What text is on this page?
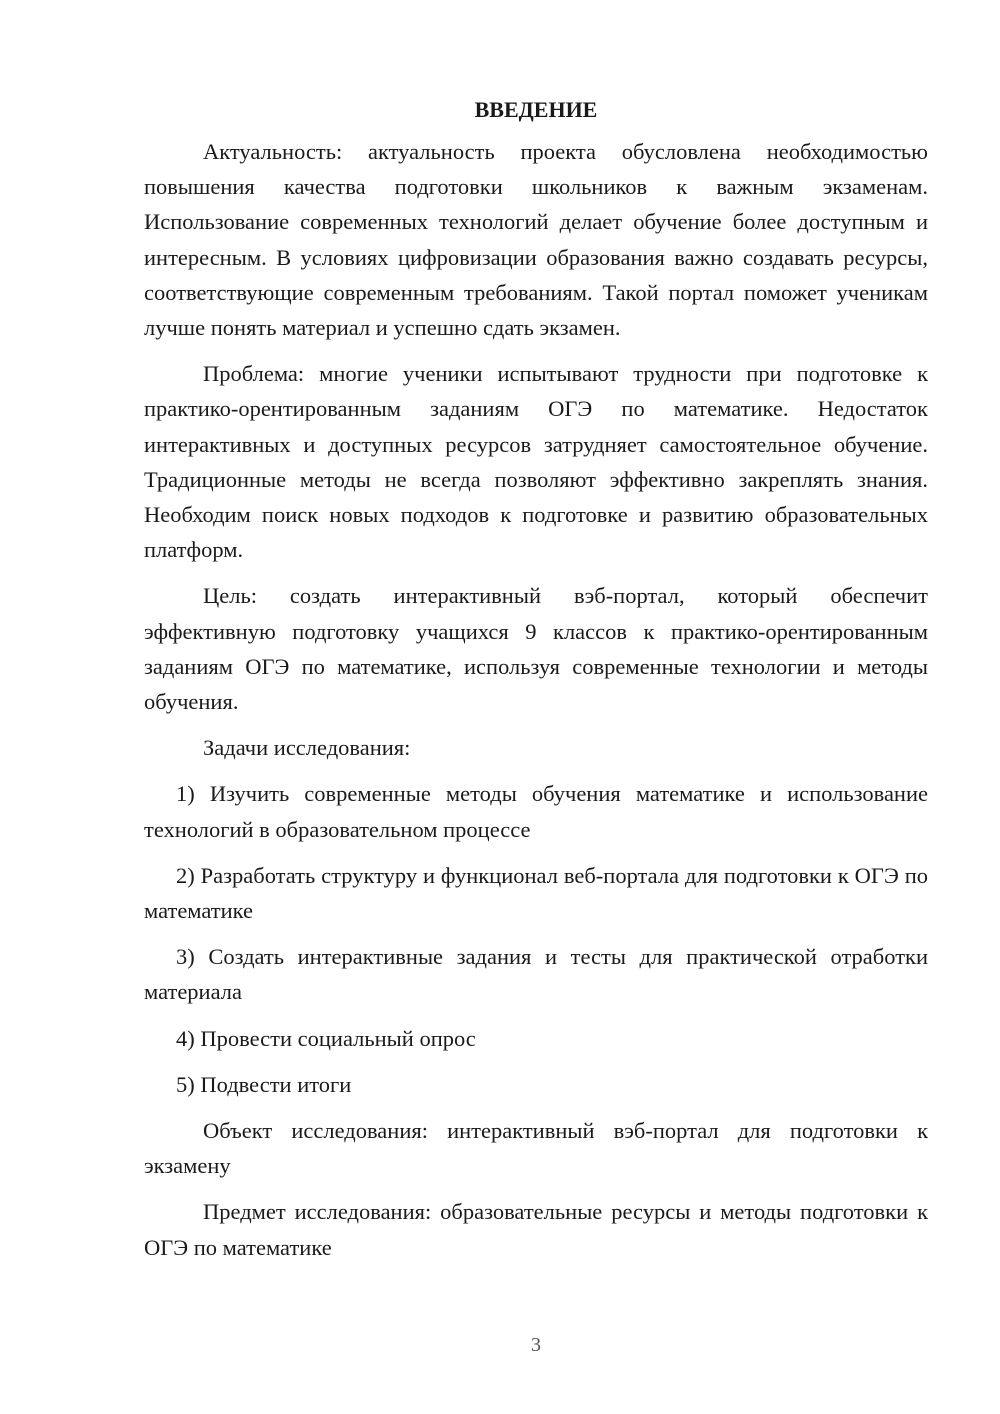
ВВЕДЕНИЕ

Актуальность: актуальность проекта обусловлена необходимостью повышения качества подготовки школьников к важным экзаменам. Использование современных технологий делает обучение более доступным и интересным. В условиях цифровизации образования важно создавать ресурсы, соответствующие современным требованиям. Такой портал поможет ученикам лучше понять материал и успешно сдать экзамен.

Проблема: многие ученики испытывают трудности при подготовке к практико-орентированным заданиям ОГЭ по математике. Недостаток интерактивных и доступных ресурсов затрудняет самостоятельное обучение. Традиционные методы не всегда позволяют эффективно закреплять знания. Необходим поиск новых подходов к подготовке и развитию образовательных платформ.

Цель: создать интерактивный вэб-портал, который обеспечит эффективную подготовку учащихся 9 классов к практико-орентированным заданиям ОГЭ по математике, используя современные технологии и методы обучения.

Задачи исследования:

1) Изучить современные методы обучения математике и использование технологий в образовательном процессе

2) Разработать структуру и функционал веб-портала для подготовки к ОГЭ по математике

3) Создать интерактивные задания и тесты для практической отработки материала

4) Провести социальный опрос

5) Подвести итоги

Объект исследования: интерактивный вэб-портал для подготовки к экзамену

Предмет исследования: образовательные ресурсы и методы подготовки к ОГЭ по математике

3
